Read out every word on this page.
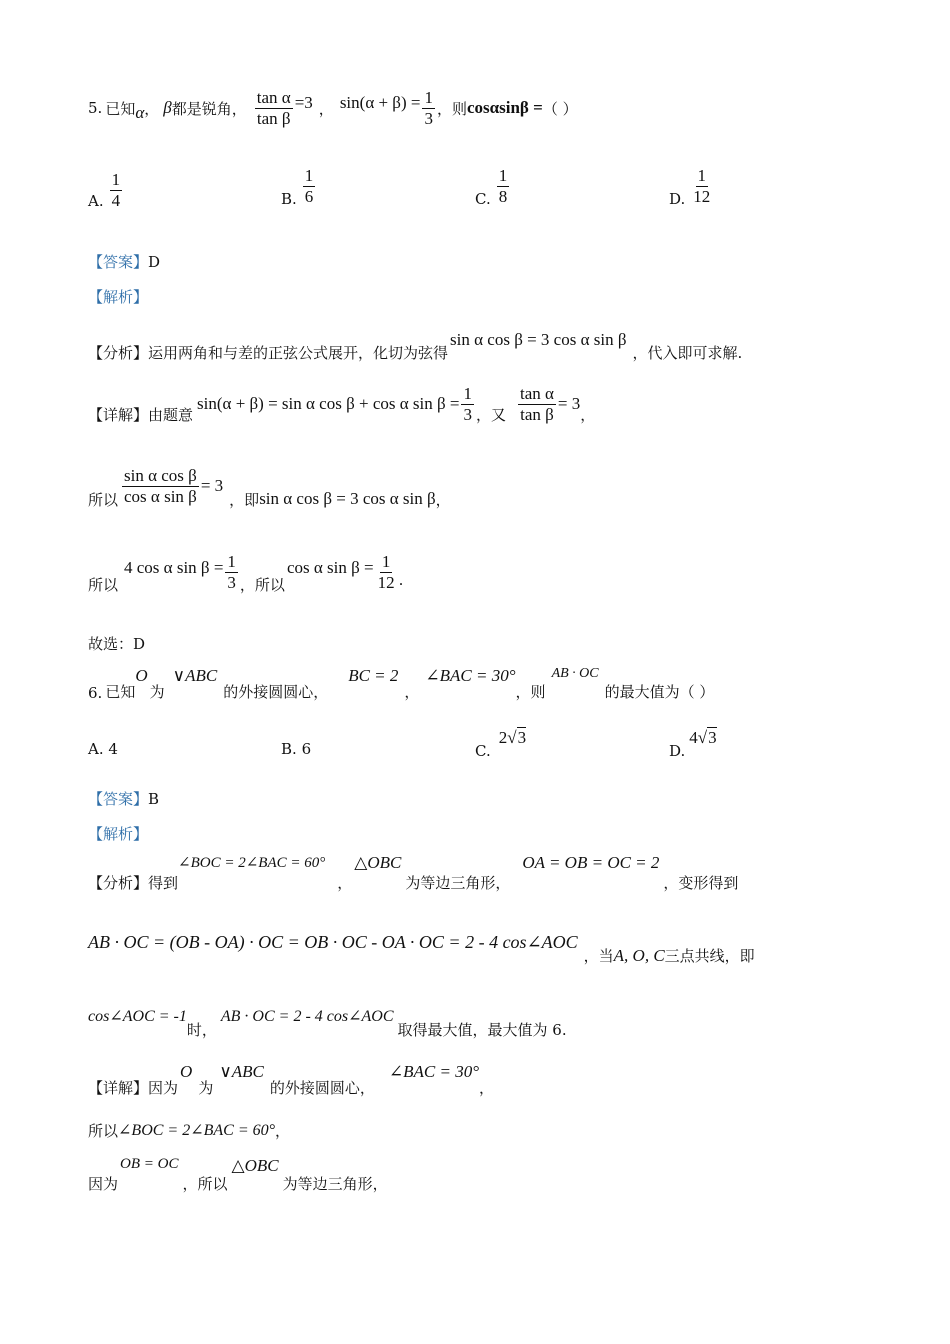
5. 已知 α ， β 都是锐角， $\frac{\text{tan α}}{\text{tan β}} =3$ ， $\sin(\alpha + \beta) = \frac{1}{3}$ ，则 cosαsinβ = （ ）
A. $\frac{1}{4}$	B. $\frac{1}{6}$	C. $\frac{1}{8}$	D. $\frac{1}{12}$
【答案】D
【解析】
【分析】 运用两角和与差的正弦公式展开，化切为弦得
sin α cos β = 3 cos α sin β
，代入即可求解.
【详解】 由题意
sin(α + β) = sin α cos β + cos α $\sin \beta = \frac{1}{3}$ ，又 $\frac{\text{tan α}}{\text{tan β}} = 3$
，
所以 $\frac{\text{sin α cos β}}{\text{cos α sin β}} = 3$
，即 sin α cos β = 3 cos α sin β ，
所以
4 cos α $\sin \beta = \frac{1}{3}$ ，所以
cos α $\sin \beta = \frac{1}{12}$ .
故选：D
6. 已知
O
为
∨ABC
的外接圆圆心，
BC = 2
，
∠BAC = 30°
，则
AB · OC
的最大值为（ ）
A. 4	B. 6	C.
2√3
D.
4√3
【答案】B
【解析】
【分析】 得到
∠BOC = 2∠BAC = 60°
，
△OBC
为等边三角形，
OA = OB = OC = 2
，变形得到
AB · OC = (OB - OA) · OC = OB · OC - OA · OC = 2 - 4 cos∠AOC
，当 A, O, C 三点共线，即
cos∠AOC = -1
时，
AB · OC = 2 - 4 cos∠AOC
取得最大值，最大值为 6.
【详解】 因为
O
为
∨ABC
的外接圆圆心，
∠BAC = 30°
，
所以 ∠BOC = 2∠BAC = 60° ，
因为
OB = OC
，所以
△OBC
为等边三角形，
